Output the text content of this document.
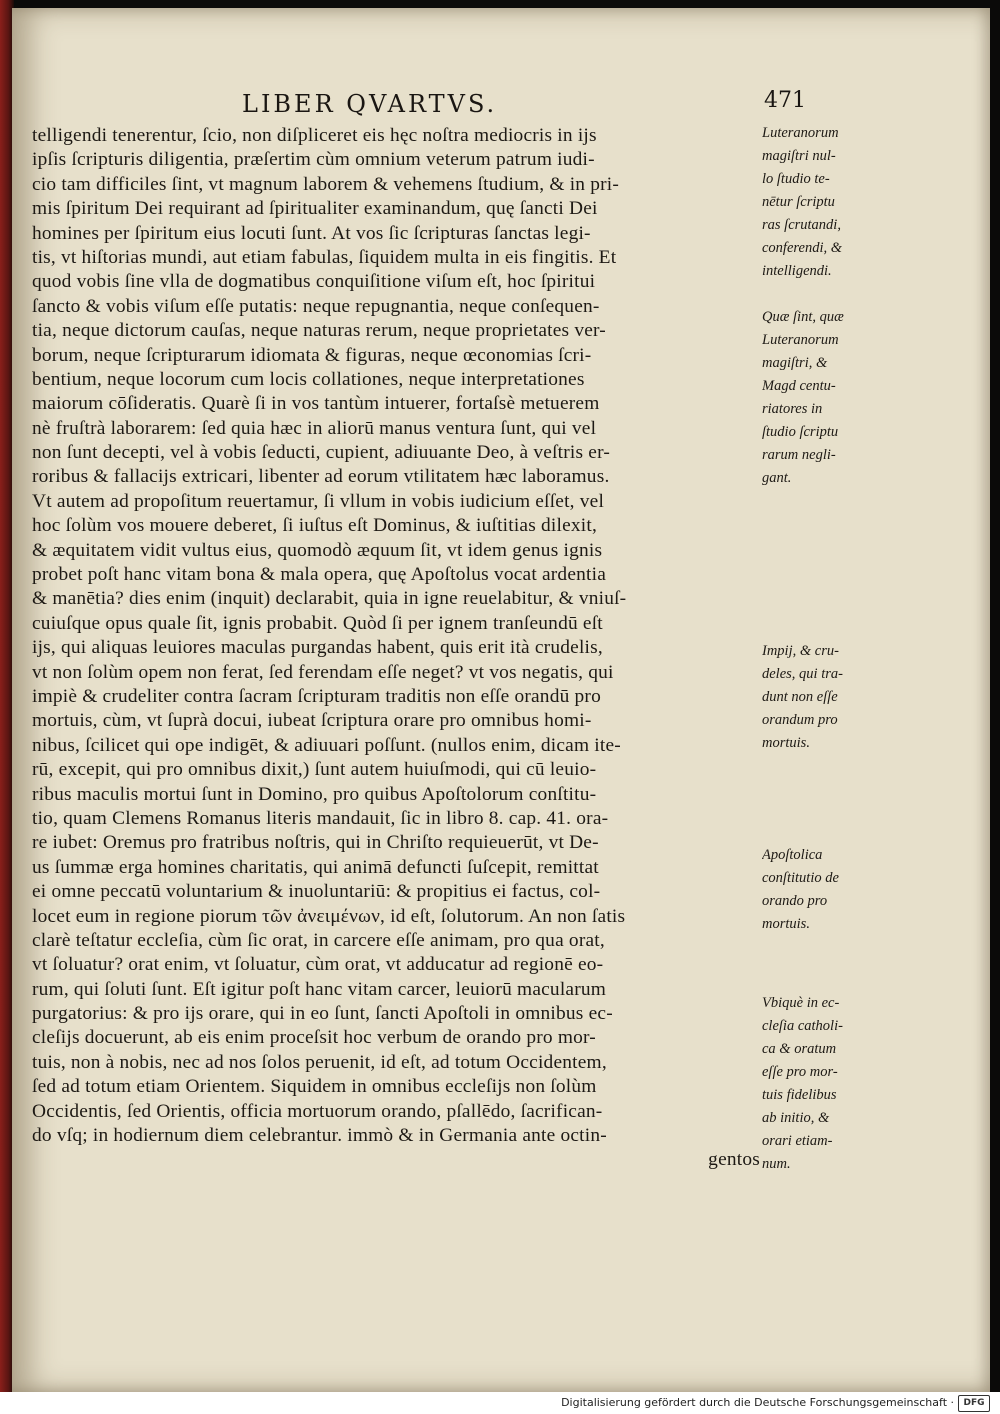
LIBER QVARTVS.	471
telligendi tenerentur, ſcio, non diſpliceret eis hęc noſtra mediocris in ijs
ipſis ſcripturis diligentia, præſertim cùm omnium veterum patrum iudi-
cio tam difficiles ſint, vt magnum laborem & vehemens ſtudium, & in pri-
mis ſpiritum Dei requirant ad ſpiritualiter examinandum, quę ſancti Dei
homines per ſpiritum eius locuti ſunt. At vos ſic ſcripturas ſanctas legi-
tis, vt hiſtorias mundi, aut etiam fabulas, ſiquidem multa in eis fingitis. Et
quod vobis ſine vlla de dogmatibus conquiſitione viſum eſt, hoc ſpiritui
ſancto & vobis viſum eſſe putatis: neque repugnantia, neque conſequen-
tia, neque dictorum cauſas, neque naturas rerum, neque proprietates ver-
borum, neque ſcripturarum idiomata & figuras, neque œconomias ſcri-
bentium, neque locorum cum locis collationes, neque interpretationes
maiorum cōſideratis. Quarè ſi in vos tantùm intuerer, fortaſsè metuerem
nè fruſtrà laborarem: ſed quia hæc in aliorū manus ventura ſunt, qui vel
non ſunt decepti, vel à vobis ſeducti, cupient, adiuuante Deo, à veſtris er-
roribus & fallacijs extricari, libenter ad eorum vtilitatem hæc laboramus.
Vt autem ad propoſitum reuertamur, ſi vllum in vobis iudicium eſſet, vel
hoc ſolùm vos mouere deberet, ſi iuſtus eſt Dominus, & iuſtitias dilexit,
& æquitatem vidit vultus eius, quomodò æquum ſit, vt idem genus ignis
probet poſt hanc vitam bona & mala opera, quę Apoſtolus vocat ardentia
& manētia? dies enim (inquit) declarabit, quia in igne reuelabitur, & vniuſ-
cuiuſque opus quale ſit, ignis probabit. Quòd ſi per ignem tranſeundū eſt
ijs, qui aliquas leuiores maculas purgandas habent, quis erit ità crudelis,
vt non ſolùm opem non ferat, ſed ferendam eſſe neget? vt vos negatis, qui
impiè & crudeliter contra ſacram ſcripturam traditis non eſſe orandū pro
mortuis, cùm, vt ſuprà docui, iubeat ſcriptura orare pro omnibus homi-
nibus, ſcilicet qui ope indigēt, & adiuuari poſſunt. (nullos enim, dicam ite-
rū, excepit, qui pro omnibus dixit,) ſunt autem huiuſmodi, qui cū leuio-
ribus maculis mortui ſunt in Domino, pro quibus Apoſtolorum conſtitu-
tio, quam Clemens Romanus literis mandauit, ſic in libro 8. cap. 41. ora-
re iubet: Oremus pro fratribus noſtris, qui in Chriſto requieuerūt, vt De-
us ſummæ erga homines charitatis, qui animā defuncti ſuſcepit, remittat
ei omne peccatū voluntarium & inuoluntariū: & propitius ei factus, col-
locet eum in regione piorum τῶν ἀνειμένων, id eſt, ſolutorum. An non ſatis
clarè teſtatur eccleſia, cùm ſic orat, in carcere eſſe animam, pro qua orat,
vt ſoluatur? orat enim, vt ſoluatur, cùm orat, vt adducatur ad regionē eo-
rum, qui ſoluti ſunt. Eſt igitur poſt hanc vitam carcer, leuiorū macularum
purgatorius: & pro ijs orare, qui in eo ſunt, ſancti Apoſtoli in omnibus ec-
cleſijs docuerunt, ab eis enim proceſsit hoc verbum de orando pro mor-
tuis, non à nobis, nec ad nos ſolos peruenit, id eſt, ad totum Occidentem,
ſed ad totum etiam Orientem. Siquidem in omnibus eccleſijs non ſolùm
Occidentis, ſed Orientis, officia mortuorum orando, pſallēdo, ſacrifican-
do vſq; in hodiernum diem celebrantur. immò & in Germania ante octin-
gentos
Luteranorum
magiſtri nul-
lo ſtudio te-
nētur ſcriptu
ras ſcrutandi,
conferendi, &
intelligendi.
Quæ ſint, quæ
Luteranorum
magiſtri, &
Magd centu-
riatores in
ſtudio ſcriptu
rarum negli-
gant.
Impij, & cru-
deles, qui tra-
dunt non eſſe
orandum pro
mortuis.
Apoſtolica
conſtitutio de
orando pro
mortuis.
Vbiquè in ec-
cleſia catholi-
ca & oratum
eſſe pro mor-
tuis fidelibus
ab initio, &
orari etiam-
num.
Digitalisierung gefördert durch die Deutsche Forschungsgemeinschaft ·	DFG
